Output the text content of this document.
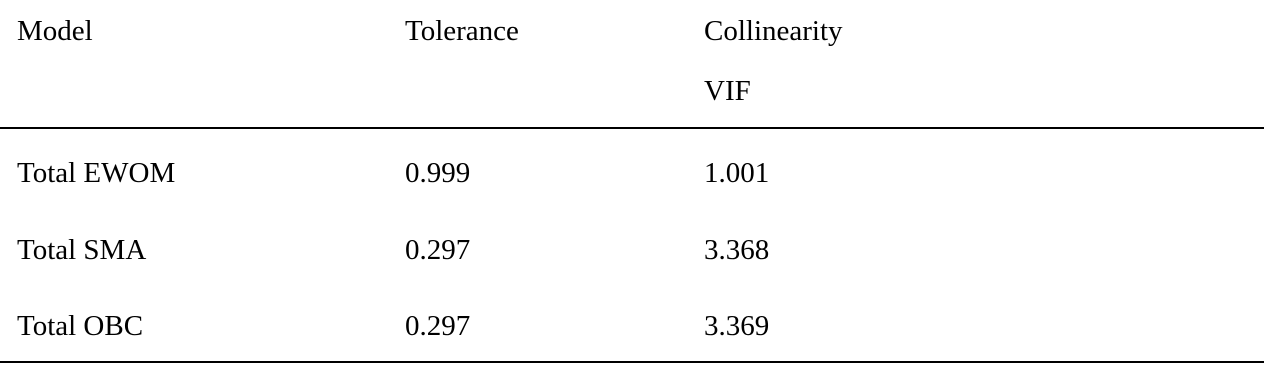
Model	Tolerance	Collinearity
VIF
Total EWOM	0.999	1.001
Total SMA	0.297	3.368
Total OBC	0.297	3.369
